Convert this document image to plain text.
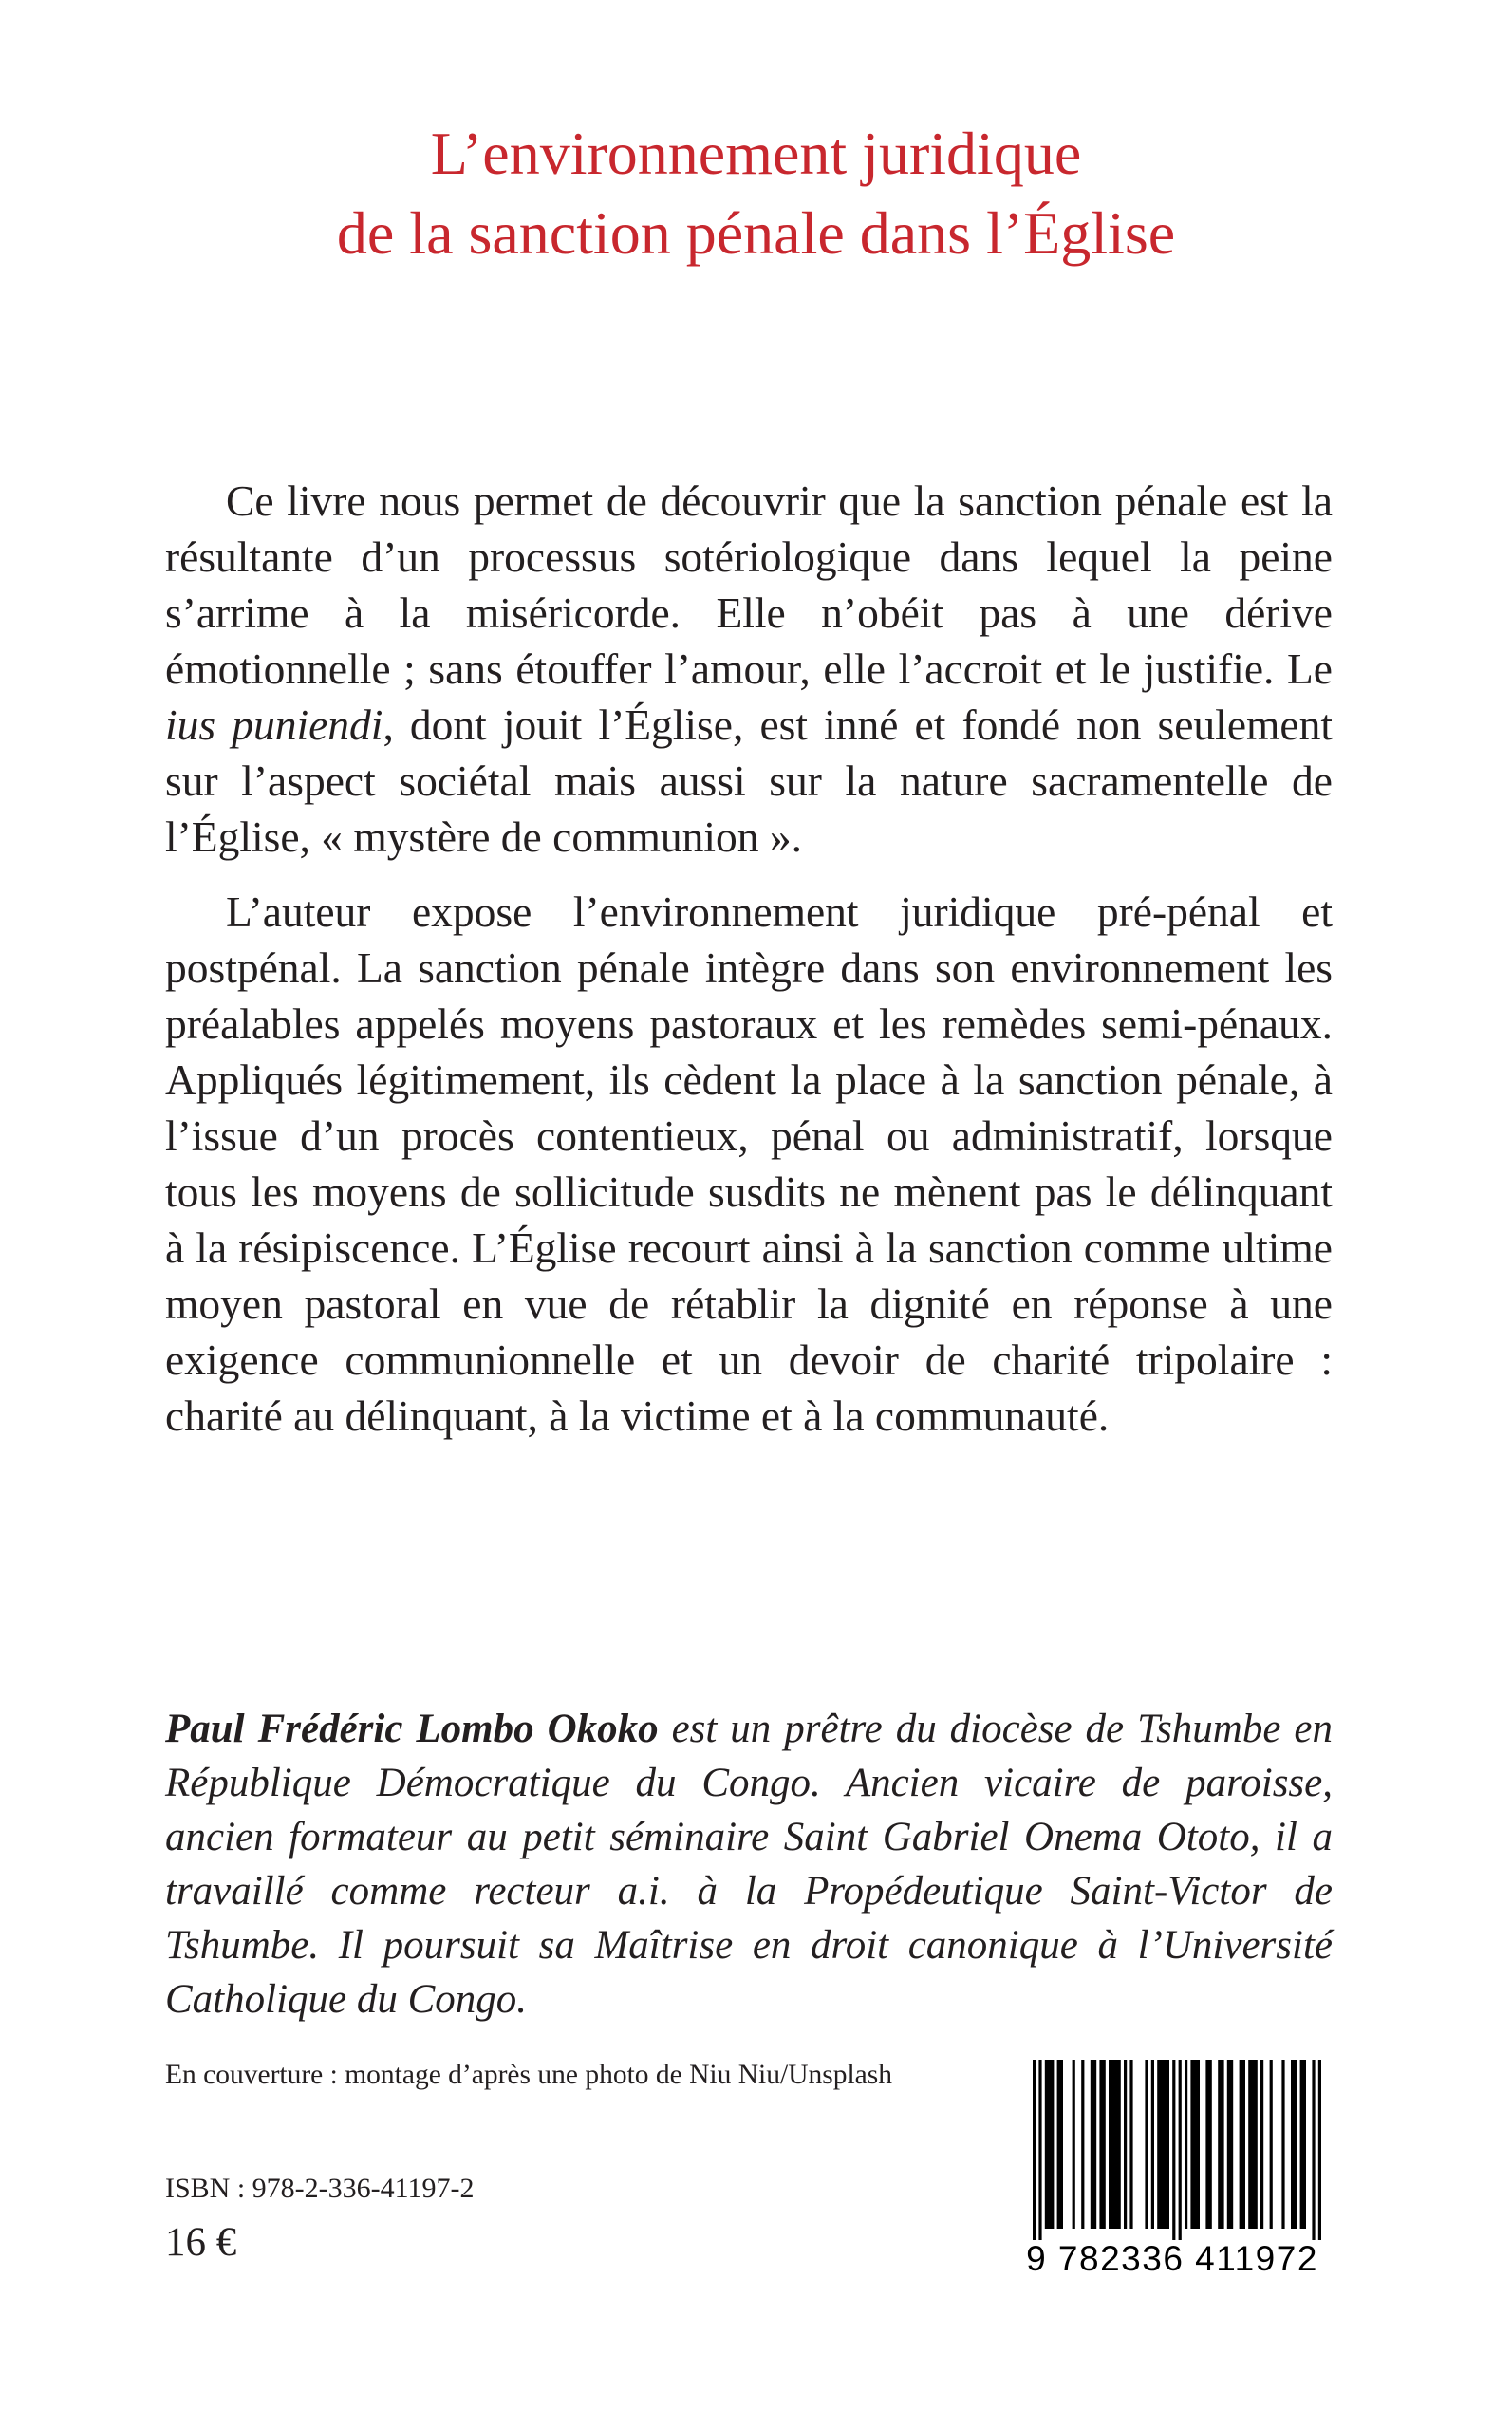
L’environnement juridique
de la sanction pénale dans l’Église

Ce livre nous permet de découvrir que la sanction pénale est la résultante d’un processus sotériologique dans lequel la peine s’arrime à la miséricorde. Elle n’obéit pas à une dérive émotionnelle ; sans étouffer l’amour, elle l’accroit et le justifie. Le ius puniendi, dont jouit l’Église, est inné et fondé non seulement sur l’aspect sociétal mais aussi sur la nature sacramentelle de l’Église, « mystère de communion ».

L’auteur expose l’environnement juridique pré-pénal et postpénal. La sanction pénale intègre dans son environnement les préalables appelés moyens pastoraux et les remèdes semi-pénaux. Appliqués légitimement, ils cèdent la place à la sanction pénale, à l’issue d’un procès contentieux, pénal ou administratif, lorsque tous les moyens de sollicitude susdits ne mènent pas le délinquant à la résipiscence. L’Église recourt ainsi à la sanction comme ultime moyen pastoral en vue de rétablir la dignité en réponse à une exigence communionnelle et un devoir de charité tripolaire : charité au délinquant, à la victime et à la communauté.

Paul Frédéric Lombo Okoko est un prêtre du diocèse de Tshumbe en République Démocratique du Congo. Ancien vicaire de paroisse, ancien formateur au petit séminaire Saint Gabriel Onema Ototo, il a travaillé comme recteur a.i. à la Propédeutique Saint-Victor de Tshumbe. Il poursuit sa Maîtrise en droit canonique à l’Université Catholique du Congo.

En couverture : montage d’après une photo de Niu Niu/Unsplash

ISBN : 978-2-336-41197-2

16 €	9 782336 411972
